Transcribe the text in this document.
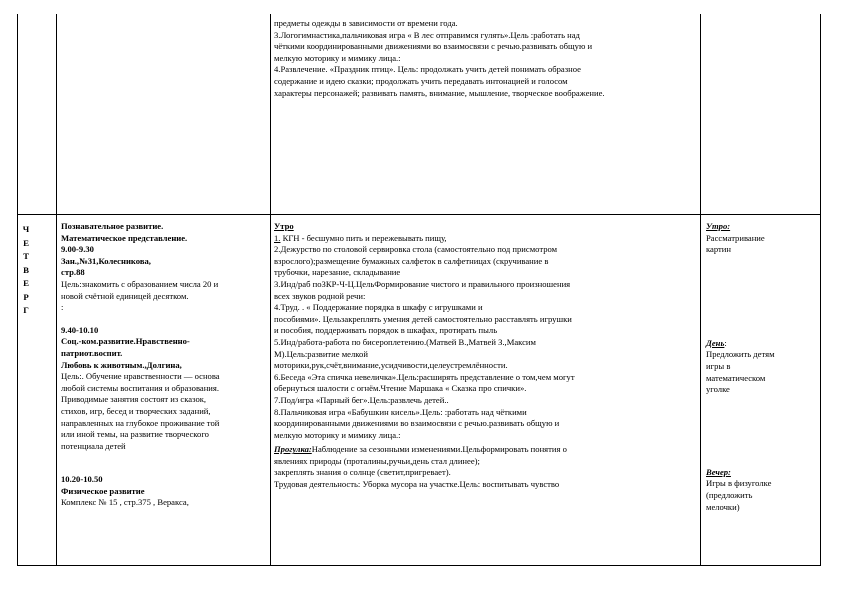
предметы одежды в зависимости от времени года.
3.Логогимнастика,пальчиковая игра « В лес отправимся гулять».Цель :работать над
чёткими координированными движениями во взаимосвязи с речью.развивать общую и
мелкую моторику и мимику лица.:
4.Развлечение. «Праздник птиц». Цель: продолжать учить детей понимать образное
содержание и идею сказки; продолжать учить передавать интонацией и голосом
характеры персонажей; развивать память, внимание, мышление, творческое воображение.
Ч
Е
Т
В
Е
Р
Г
Познавательное развитие.
Математическое представление.
9.00-9.30
Зан.,№31,Колесникова,
стр.88
Цель:знакомить с образованием числа 20 и
новой счётной единицей десятком.
:
9.40-10.10
Соц.-ком.развитие.Нравственно-
патриот.воспит.
Любовь к животным.,Долгина,
Цель:. Обучение нравственности — основа
любой системы воспитания и образования.
Приводимые занятия состоят из сказок,
стихов, игр, бесед и творческих заданий,
направленных на глубокое проживание той
или иной темы, на развитие творческого
потенциала детей
10.20-10.50
Физическое развитие
Комплекс № 15 , стр.375 , Веракса,
Утро
1. КГН - бесшумно пить и пережевывать пищу,
2.Дежурство по столовой сервировка стола (самостоятельно под присмотром
взрослого);размещение бумажных салфеток в салфетницах (скручивание в
трубочки, нарезание, складывание
3.Инд/раб поЗКР-Ч-Ц.ЦельФормирование чистого и правильного произношения
всех звуков родной речи:
4.Труд. . « Поддержание порядка в шкафу с игрушками и
пособиями». Цельзакреплять умения детей самостоятельно расставлять игрушки
и пособия, поддерживать порядок в шкафах, протирать пыль
5.Инд/работа-работа по бисероплетению.(Матвей В.,Матвей З.,Максим
М).Цель:развитие мелкой
моторики,рук,счёт,внимание,усидчивости,целеустремлённости.
6.Беседа «Эта спичка невеличка».Цель:расширять представление о том,чем могут
обернуться шалости с огнём.Чтение Маршака « Сказка про спички».
7.Под/игра «Парный бег».Цель:развлечь детей..
8.Пальчиковая игра «Бабушкин кисель».Цель: :работать над чёткими
координированными движениями во взаимосвязи с речью.развивать общую и
мелкую моторику и мимику лица.:
Прогулка:Наблюдение за сезонными изменениями.Цельформировать понятия о
явлениях природы (проталины,ручьи,день стал длинее);
закреплять знания о солнце (светит,пригревает).
Трудовая деятельность: Уборка мусора на участке.Цель: воспитывать чувство
Утро:
Рассматривание
картин
День:
Предложить детям
игры в
математическом
уголке
Вечер:
Игры в физуголке
(предложить
мелочки)
